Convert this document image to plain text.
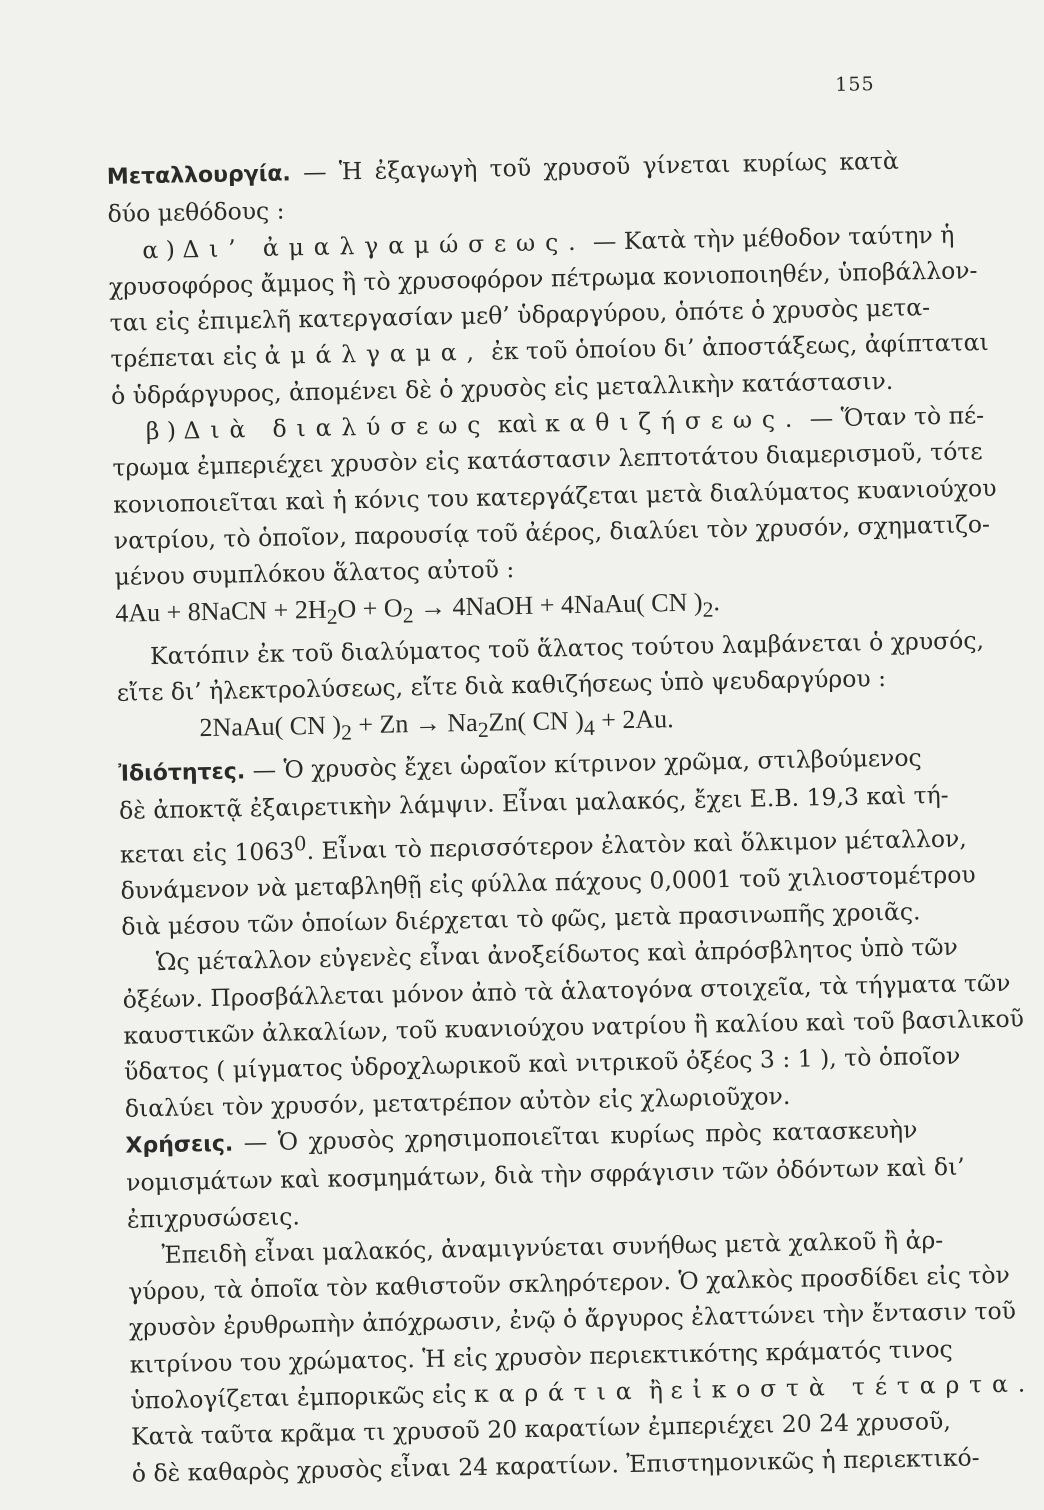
155
Μεταλλουργία. — Ἡ ἐξαγωγὴ τοῦ χρυσοῦ γίνεται κυρίως κατὰ
δύο μεθόδους :
α ) Δι’ ἀμαλγαμώσεως. — Κατὰ τὴν μέθοδον ταύτην ἡ
χρυσοφόρος ἄμμος ἢ τὸ χρυσοφόρον πέτρωμα κονιοποιηθέν, ὑποβάλλον-
ται εἰς ἐπιμελῆ κατεργασίαν μεθ’ ὑδραργύρου, ὁπότε ὁ χρυσὸς μετα-
τρέπεται εἰς ἀμάλγαμα, ἐκ τοῦ ὁποίου δι’ ἀποστάξεως, ἀφίπταται
ὁ ὑδράργυρος, ἀπομένει δὲ ὁ χρυσὸς εἰς μεταλλικὴν κατάστασιν.
β ) Διὰ διαλύσεως καὶ καθιζήσεως. — Ὅταν τὸ πέ-
τρωμα ἐμπεριέχει χρυσὸν εἰς κατάστασιν λεπτοτάτου διαμερισμοῦ, τότε
κονιοποιεῖται καὶ ἡ κόνις του κατεργάζεται μετὰ διαλύματος κυανιούχου
νατρίου, τὸ ὁποῖον, παρουσίᾳ τοῦ ἀέρος, διαλύει τὸν χρυσόν, σχηματιζο-
μένου συμπλόκου ἅλατος αὐτοῦ :
4Au + 8NaCN + $2H_2O + O_2$ → 4NaOH + 4NaAu( CN )$_2$.
Κατόπιν ἐκ τοῦ διαλύματος τοῦ ἅλατος τούτου λαμβάνεται ὁ χρυσός,
εἴτε δι’ ἠλεκτρολύσεως, εἴτε διὰ καθιζήσεως ὑπὸ ψευδαργύρου :
2NaAu( CN )$_2 + Zn \to Na_2Zn$( CN )$_4 + 2Au$.
Ἰδιότητες. — Ὁ χρυσὸς ἔχει ὡραῖον κίτρινον χρῶμα, στιλβούμενος
δὲ ἀποκτᾷ ἐξαιρετικὴν λάμψιν. Εἶναι μαλακός, ἔχει Ε.Β. 19,3 καὶ τή-
κεται εἰς 1063$^0$. Εἶναι τὸ περισσότερον ἐλατὸν καὶ ὅλκιμον μέταλλον,
δυνάμενον νὰ μεταβληθῇ εἰς φύλλα πάχους 0,0001 τοῦ χιλιοστομέτρου
διὰ μέσου τῶν ὁποίων διέρχεται τὸ φῶς, μετὰ πρασινωπῆς χροιᾶς.
Ὡς μέταλλον εὐγενὲς εἶναι ἀνοξείδωτος καὶ ἀπρόσβλητος ὑπὸ τῶν
ὀξέων. Προσβάλλεται μόνον ἀπὸ τὰ ἁλατογόνα στοιχεῖα, τὰ τήγματα τῶν
καυστικῶν ἀλκαλίων, τοῦ κυανιούχου νατρίου ἢ καλίου καὶ τοῦ βασιλικοῦ
ὕδατος ( μίγματος ὑδροχλωρικοῦ καὶ νιτρικοῦ ὀξέος 3 : 1 ), τὸ ὁποῖον
διαλύει τὸν χρυσόν, μετατρέπον αὐτὸν εἰς χλωριοῦχον.
Χρήσεις. — Ὁ χρυσὸς χρησιμοποιεῖται κυρίως πρὸς κατασκευὴν
νομισμάτων καὶ κοσμημάτων, διὰ τὴν σφράγισιν τῶν ὀδόντων καὶ δι’
ἐπιχρυσώσεις.
Ἐπειδὴ εἶναι μαλακός, ἀναμιγνύεται συνήθως μετὰ χαλκοῦ ἢ ἀρ-
γύρου, τὰ ὁποῖα τὸν καθιστοῦν σκληρότερον. Ὁ χαλκὸς προσδίδει εἰς τὸν
χρυσὸν ἐρυθρωπὴν ἀπόχρωσιν, ἐνῷ ὁ ἄργυρος ἐλαττώνει τὴν ἔντασιν τοῦ
κιτρίνου του χρώματος. Ἡ εἰς χρυσὸν περιεκτικότης κράματός τινος
ὑπολογίζεται ἐμπορικῶς εἰς καράτια ἢ εἰκοστὰ τέταρτα.
Κατὰ ταῦτα κρᾶμα τι χρυσοῦ 20 καρατίων ἐμπεριέχει 20 24 χρυσοῦ,
ὁ δὲ καθαρὸς χρυσὸς εἶναι 24 καρατίων. Ἐπιστημονικῶς ἡ περιεκτικό-
